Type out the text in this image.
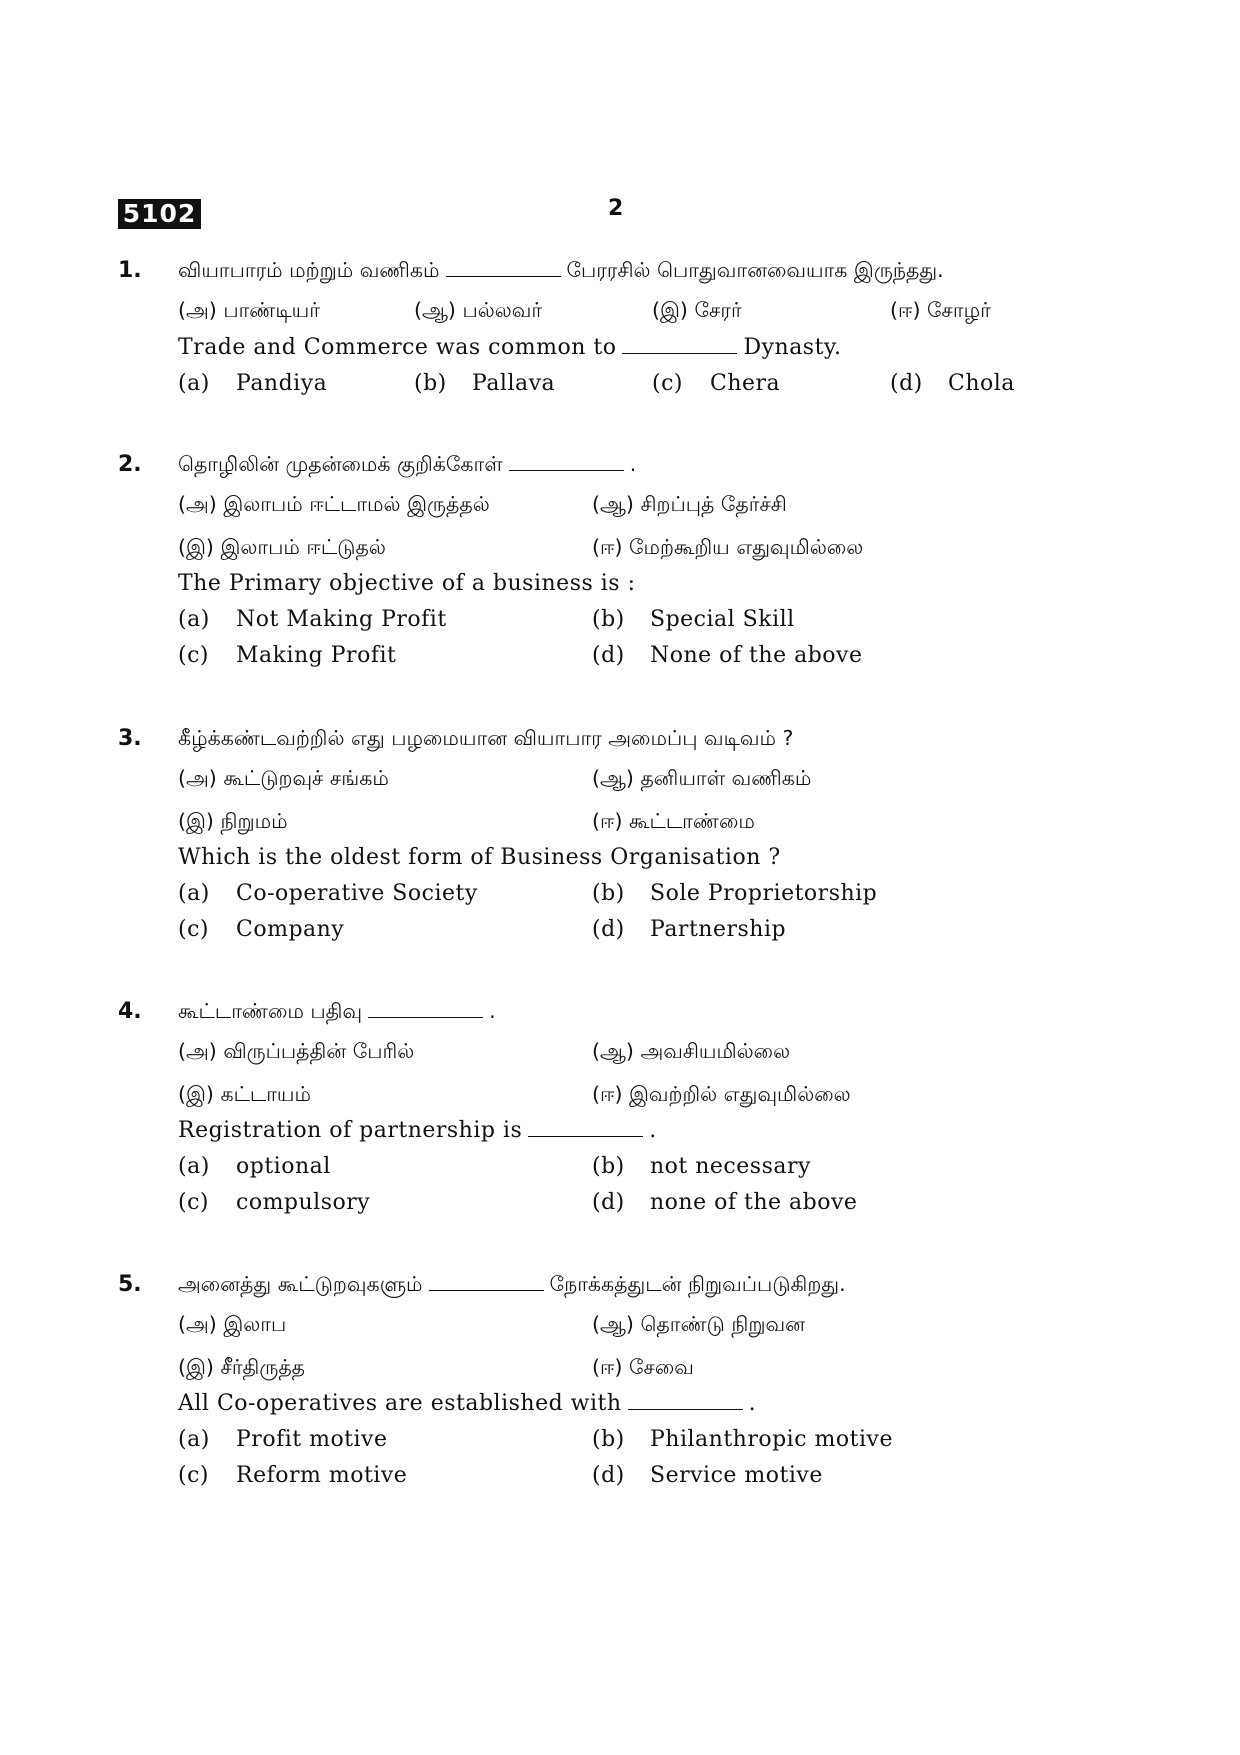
5102	2
1. வியாபாரம் மற்றும் வணிகம்	பேரரசில் பொதுவானவையாக இருந்தது.
(அ) பாண்டியர்	(ஆ) பல்லவர்	(இ) சேரர்	(ஈ) சோழர்
Trade and Commerce was common to	Dynasty.
(a) Pandiya	(b) Pallava	(c) Chera	(d) Chola
2. தொழிலின் முதன்மைக் குறிக்கோள்	.
(அ) இலாபம் ஈட்டாமல் இருத்தல்	(ஆ) சிறப்புத் தேர்ச்சி
(இ) இலாபம் ஈட்டுதல்	(ஈ) மேற்கூறிய எதுவுமில்லை
The Primary objective of a business is :
(a) Not Making Profit	(b) Special Skill
(c) Making Profit	(d) None of the above
3. கீழ்க்கண்டவற்றில் எது பழமையான வியாபார அமைப்பு வடிவம் ?
(அ) கூட்டுறவுச் சங்கம்	(ஆ) தனியாள் வணிகம்
(இ) நிறுமம்	(ஈ) கூட்டாண்மை
Which is the oldest form of Business Organisation ?
(a) Co-operative Society	(b) Sole Proprietorship
(c) Company	(d) Partnership
4. கூட்டாண்மை பதிவு	.
(அ) விருப்பத்தின் பேரில்	(ஆ) அவசியமில்லை
(இ) கட்டாயம்	(ஈ) இவற்றில் எதுவுமில்லை
Registration of partnership is	.
(a) optional	(b) not necessary
(c) compulsory	(d) none of the above
5. அனைத்து கூட்டுறவுகளும்	நோக்கத்துடன் நிறுவப்படுகிறது.
(அ) இலாப	(ஆ) தொண்டு நிறுவன
(இ) சீர்திருத்த	(ஈ) சேவை
All Co-operatives are established with	.
(a) Profit motive	(b) Philanthropic motive
(c) Reform motive	(d) Service motive
